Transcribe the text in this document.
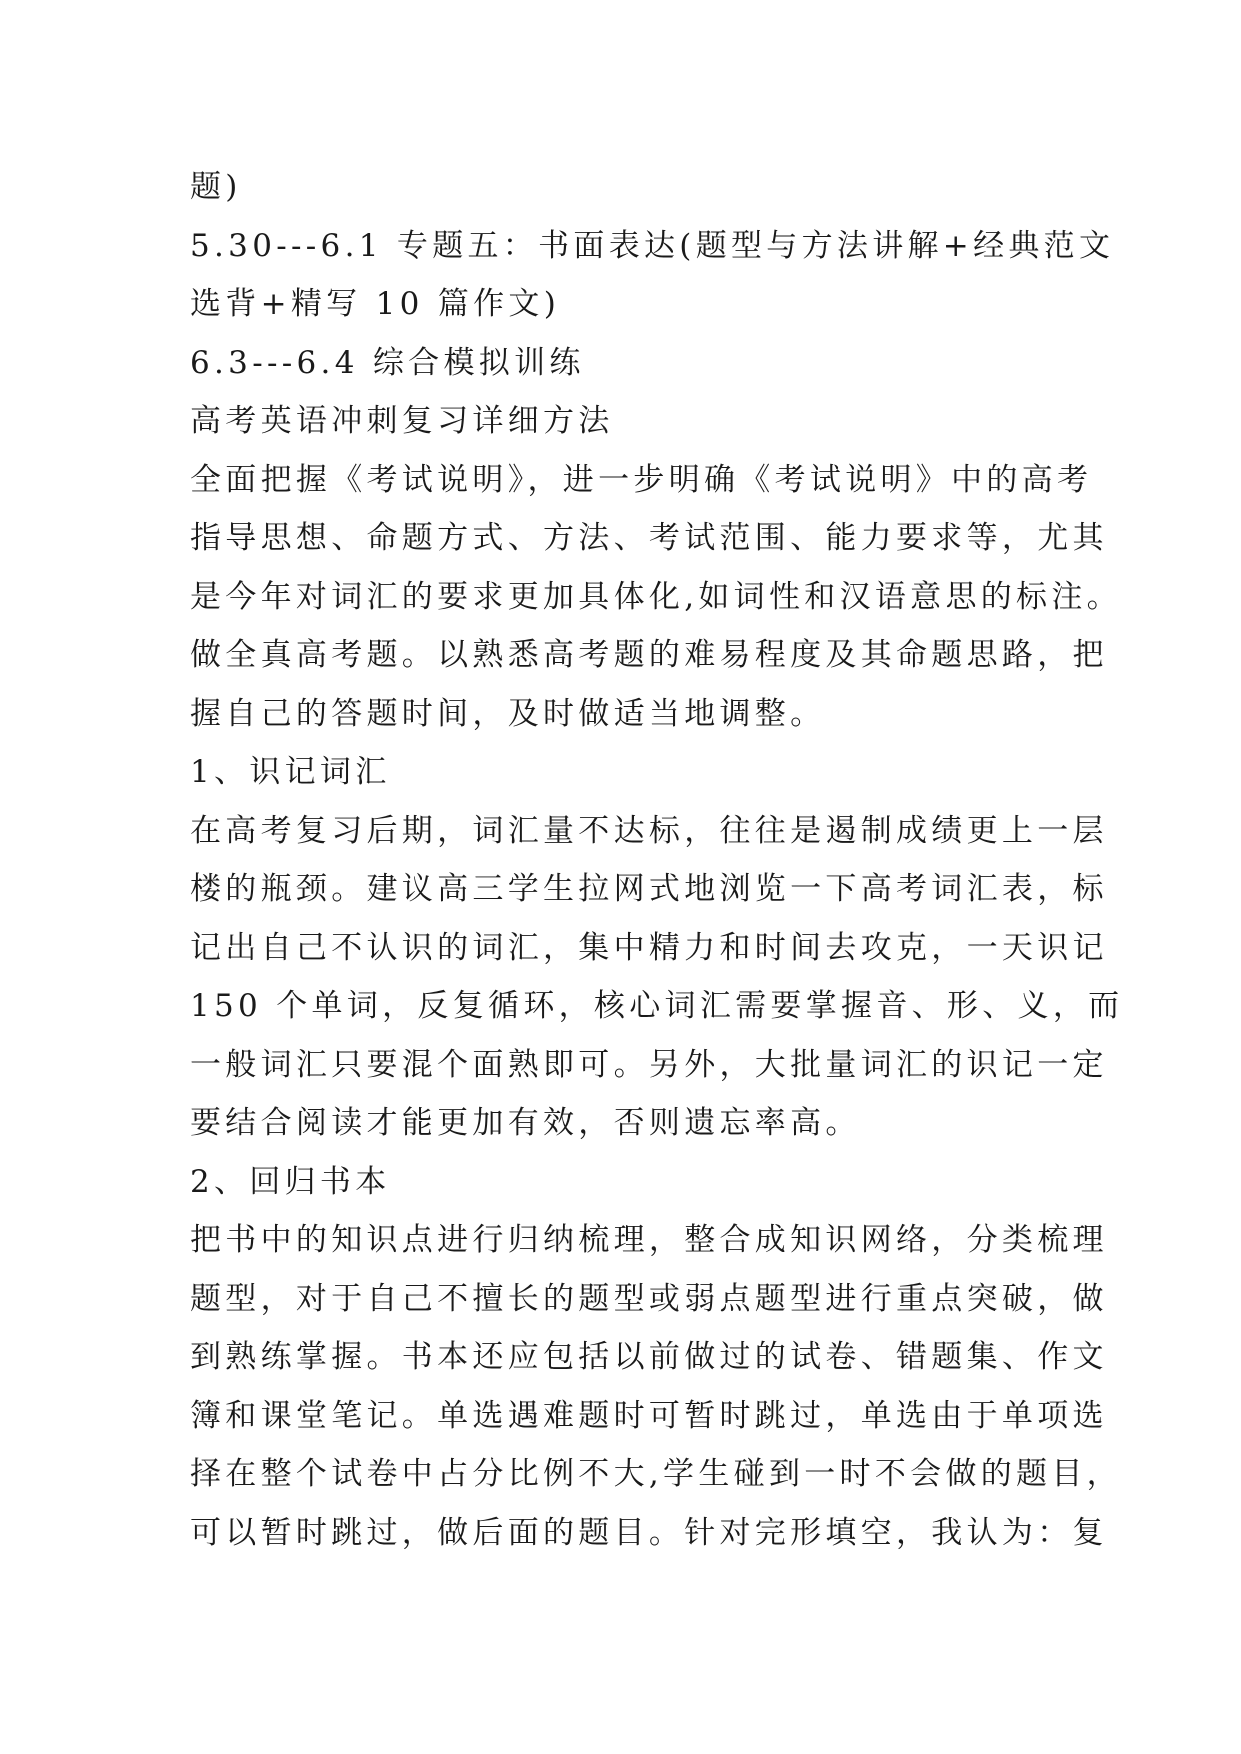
题)
5.30---6.1 专题五：书面表达(题型与方法讲解+经典范文
选背+精写 10 篇作文)
6.3---6.4 综合模拟训练
高考英语冲刺复习详细方法
全面把握《考试说明》，进一步明确《考试说明》中的高考
指导思想、命题方式、方法、考试范围、能力要求等，尤其
是今年对词汇的要求更加具体化,如词性和汉语意思的标注。
做全真高考题。以熟悉高考题的难易程度及其命题思路，把
握自己的答题时间，及时做适当地调整。
1、识记词汇
在高考复习后期，词汇量不达标，往往是遏制成绩更上一层
楼的瓶颈。建议高三学生拉网式地浏览一下高考词汇表，标
记出自己不认识的词汇，集中精力和时间去攻克，一天识记
150 个单词，反复循环，核心词汇需要掌握音、形、义，而
一般词汇只要混个面熟即可。另外，大批量词汇的识记一定
要结合阅读才能更加有效，否则遗忘率高。
2、回归书本
把书中的知识点进行归纳梳理，整合成知识网络，分类梳理
题型，对于自己不擅长的题型或弱点题型进行重点突破，做
到熟练掌握。书本还应包括以前做过的试卷、错题集、作文
簿和课堂笔记。单选遇难题时可暂时跳过，单选由于单项选
择在整个试卷中占分比例不大,学生碰到一时不会做的题目，
可以暂时跳过，做后面的题目。针对完形填空，我认为：复
